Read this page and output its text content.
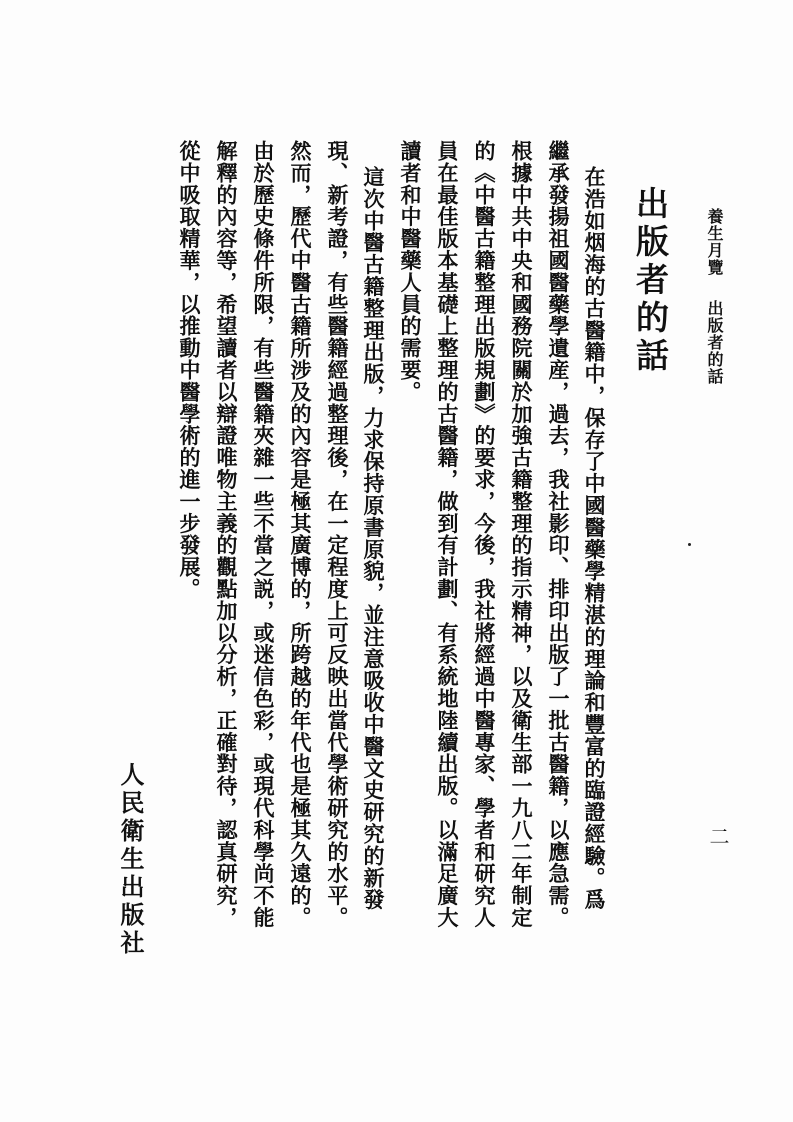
養生月覽
出版者的話
二
出版者的話
在浩如烟海的古醫籍中，保存了中國醫藥學精湛的理論和豐富的臨證經驗。爲
繼承發揚祖國醫藥學遺産，過去，我社影印、排印出版了一批古醫籍，以應急需。
根據中共中央和國務院關於加強古籍整理的指示精神，以及衛生部一九八二年制定
的《中醫古籍整理出版規劃》的要求，今後，我社將經過中醫專家、學者和研究人
員在最佳版本基礎上整理的古醫籍，做到有計劃、有系統地陸續出版。以滿足廣大
讀者和中醫藥人員的需要。
這次中醫古籍整理出版，力求保持原書原貌，並注意吸收中醫文史研究的新發
現、新考證，有些醫籍經過整理後，在一定程度上可反映出當代學術研究的水平。
然而，歷代中醫古籍所涉及的內容是極其廣博的，所跨越的年代也是極其久遠的。
由於歷史條件所限，有些醫籍夾雜一些不當之説，或迷信色彩，或現代科學尚不能
解釋的內容等，希望讀者以辯證唯物主義的觀點加以分析，正確對待，認真研究，
從中吸取精華，以推動中醫學術的進一步發展。
人民衛生出版社
